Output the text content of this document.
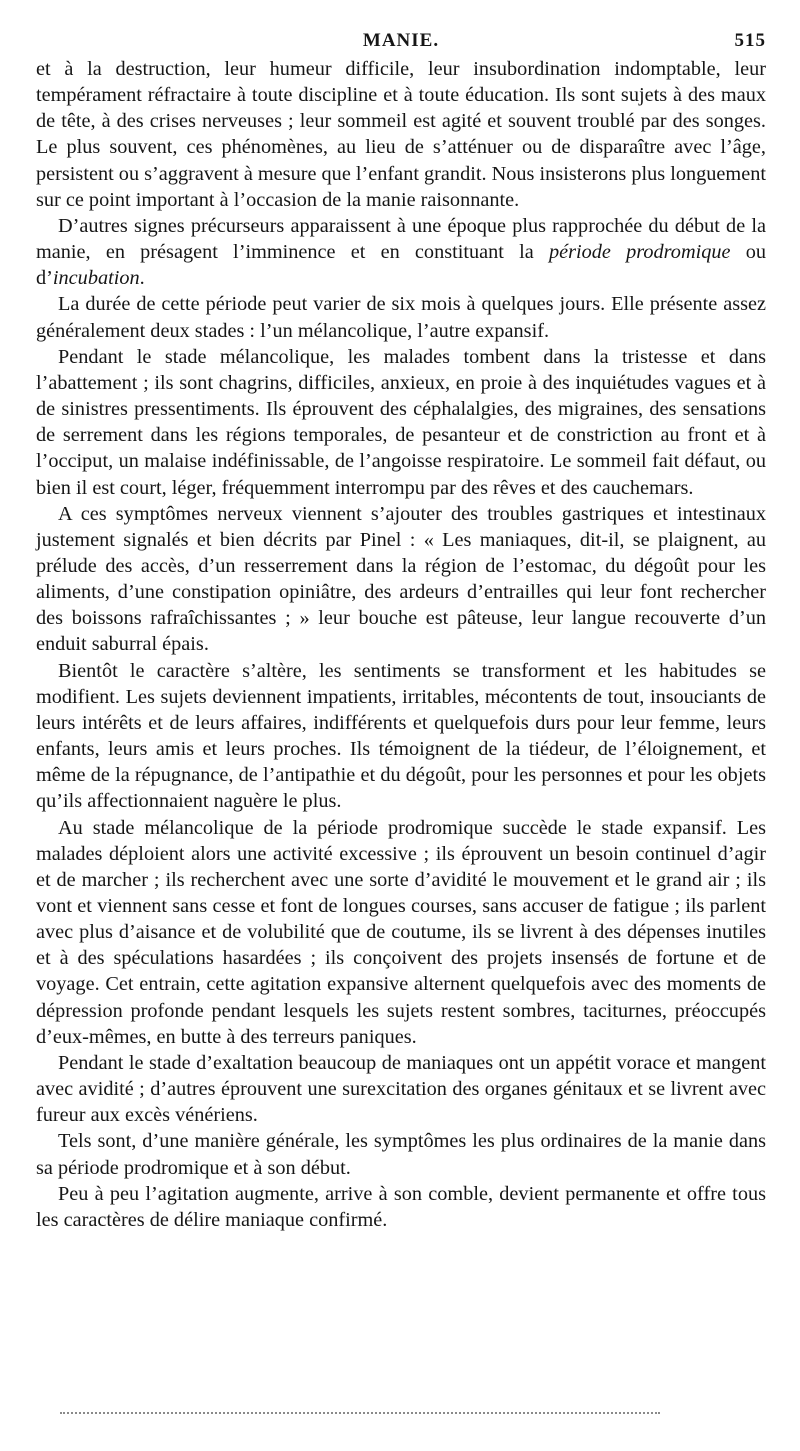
MANIE.	515

et à la destruction, leur humeur difficile, leur insubordination indomptable, leur tempérament réfractaire à toute discipline et à toute éducation. Ils sont sujets à des maux de tête, à des crises nerveuses ; leur sommeil est agité et souvent troublé par des songes. Le plus souvent, ces phénomènes, au lieu de s’atténuer ou de disparaître avec l’âge, persistent ou s’aggravent à mesure que l’enfant grandit. Nous insisterons plus longuement sur ce point important à l’occasion de la manie raisonnante.

D’autres signes précurseurs apparaissent à une époque plus rapprochée du début de la manie, en présagent l’imminence et en constituant la période prodromique ou d’incubation.

La durée de cette période peut varier de six mois à quelques jours. Elle présente assez généralement deux stades : l’un mélancolique, l’autre expansif.

Pendant le stade mélancolique, les malades tombent dans la tristesse et dans l’abattement ; ils sont chagrins, difficiles, anxieux, en proie à des inquiétudes vagues et à de sinistres pressentiments. Ils éprouvent des céphalalgies, des migraines, des sensations de serrement dans les régions temporales, de pesanteur et de constriction au front et à l’occiput, un malaise indéfinissable, de l’angoisse respiratoire. Le sommeil fait défaut, ou bien il est court, léger, fréquemment interrompu par des rêves et des cauchemars.

A ces symptômes nerveux viennent s’ajouter des troubles gastriques et intestinaux justement signalés et bien décrits par Pinel : « Les maniaques, dit-il, se plaignent, au prélude des accès, d’un resserrement dans la région de l’estomac, du dégoût pour les aliments, d’une constipation opiniâtre, des ardeurs d’entrailles qui leur font rechercher des boissons rafraîchissantes ; » leur bouche est pâteuse, leur langue recouverte d’un enduit saburral épais.

Bientôt le caractère s’altère, les sentiments se transforment et les habitudes se modifient. Les sujets deviennent impatients, irritables, mécontents de tout, insouciants de leurs intérêts et de leurs affaires, indifférents et quelquefois durs pour leur femme, leurs enfants, leurs amis et leurs proches. Ils témoignent de la tiédeur, de l’éloignement, et même de la répugnance, de l’antipathie et du dégoût, pour les personnes et pour les objets qu’ils affectionnaient naguère le plus.

Au stade mélancolique de la période prodromique succède le stade expansif. Les malades déploient alors une activité excessive ; ils éprouvent un besoin continuel d’agir et de marcher ; ils recherchent avec une sorte d’avidité le mouvement et le grand air ; ils vont et viennent sans cesse et font de longues courses, sans accuser de fatigue ; ils parlent avec plus d’aisance et de volubilité que de coutume, ils se livrent à des dépenses inutiles et à des spéculations hasardées ; ils conçoivent des projets insensés de fortune et de voyage. Cet entrain, cette agitation expansive alternent quelquefois avec des moments de dépression profonde pendant lesquels les sujets restent sombres, taciturnes, préoccupés d’eux-mêmes, en butte à des terreurs paniques.

Pendant le stade d’exaltation beaucoup de maniaques ont un appétit vorace et mangent avec avidité ; d’autres éprouvent une surexcitation des organes génitaux et se livrent avec fureur aux excès vénériens.

Tels sont, d’une manière générale, les symptômes les plus ordinaires de la manie dans sa période prodromique et à son début.

Peu à peu l’agitation augmente, arrive à son comble, devient permanente et offre tous les caractères de délire maniaque confirmé.
